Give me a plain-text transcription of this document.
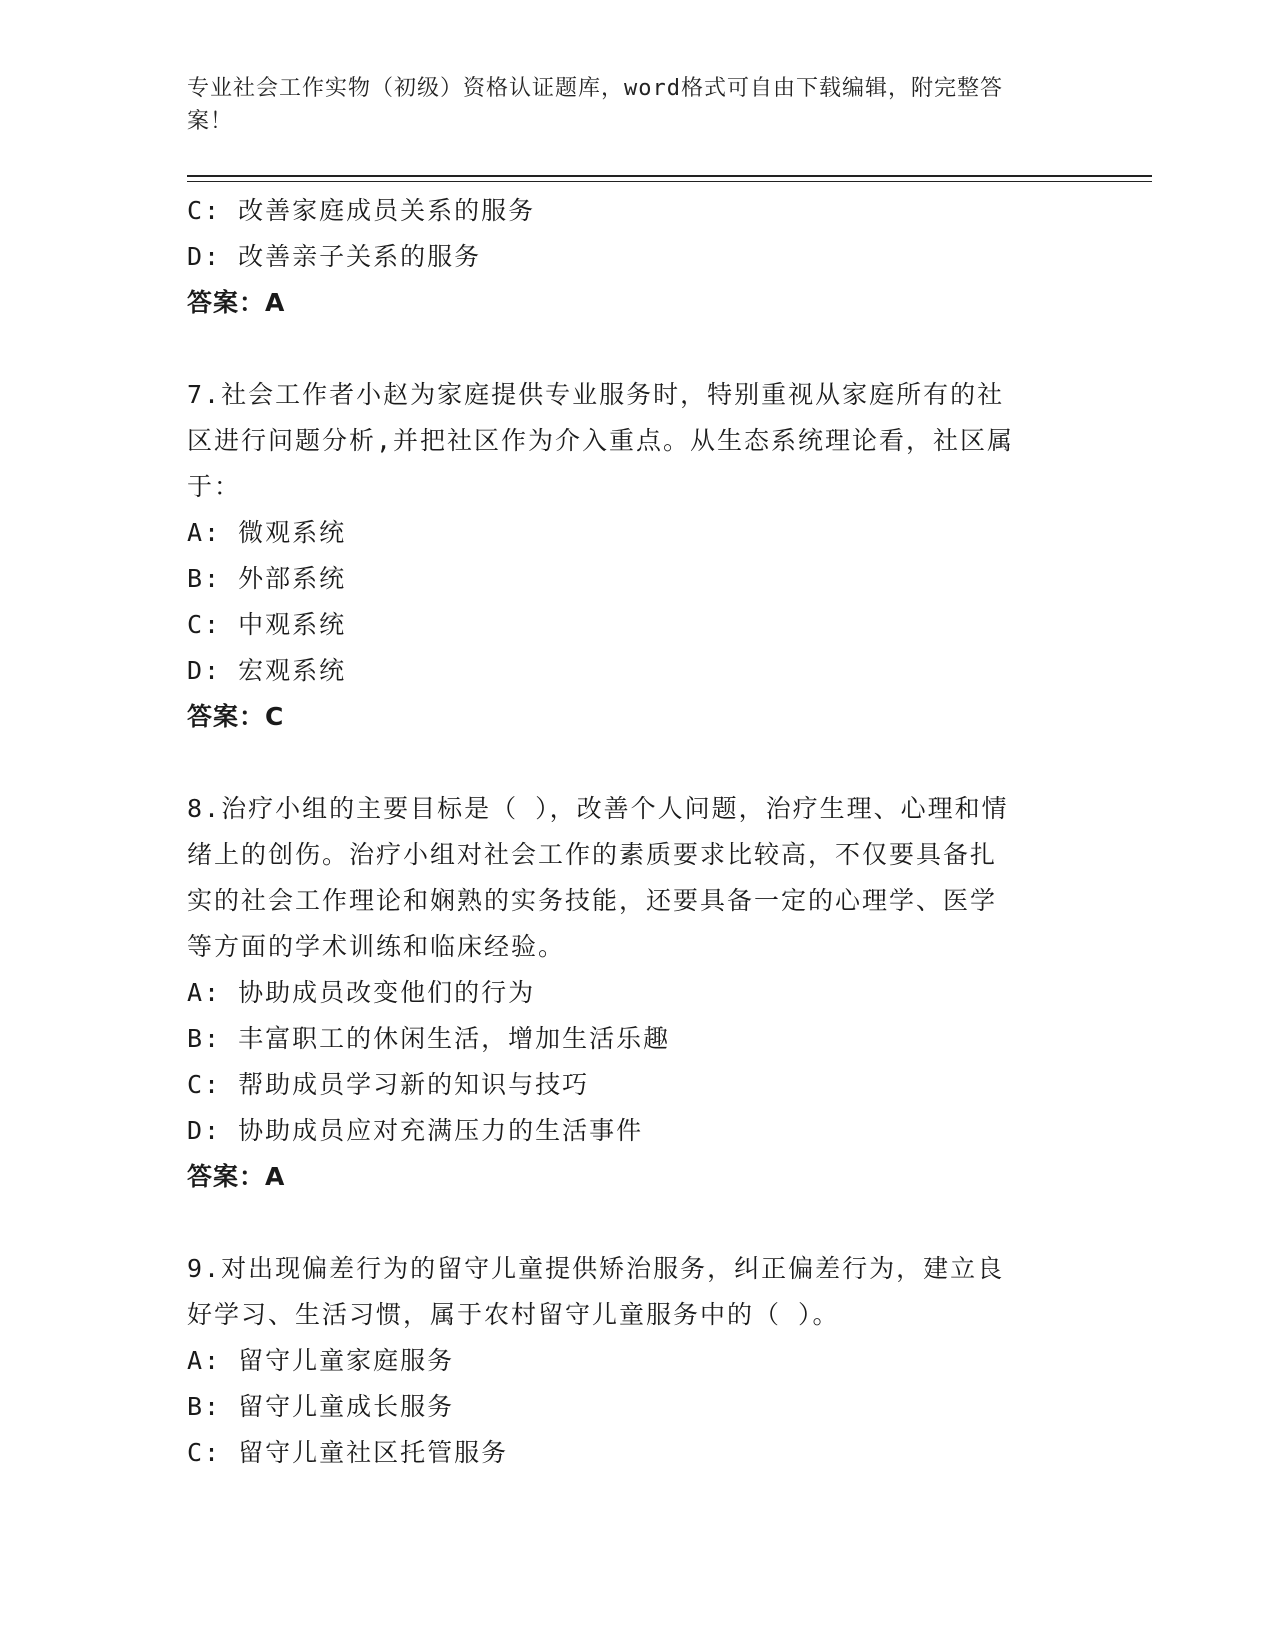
专业社会工作实物（初级）资格认证题库，word格式可自由下载编辑，附完整答
案！
C: 改善家庭成员关系的服务
D: 改善亲子关系的服务
答案：A
7.社会工作者小赵为家庭提供专业服务时，特别重视从家庭所有的社
区进行问题分析,并把社区作为介入重点。从生态系统理论看，社区属
于：
A: 微观系统
B: 外部系统
C: 中观系统
D: 宏观系统
答案：C
8.治疗小组的主要目标是（ ），改善个人问题，治疗生理、心理和情
绪上的创伤。治疗小组对社会工作的素质要求比较高，不仅要具备扎
实的社会工作理论和娴熟的实务技能，还要具备一定的心理学、医学
等方面的学术训练和临床经验。
A: 协助成员改变他们的行为
B: 丰富职工的休闲生活，增加生活乐趣
C: 帮助成员学习新的知识与技巧
D: 协助成员应对充满压力的生活事件
答案：A
9.对出现偏差行为的留守儿童提供矫治服务，纠正偏差行为，建立良
好学习、生活习惯，属于农村留守儿童服务中的（ ）。
A: 留守儿童家庭服务
B: 留守儿童成长服务
C: 留守儿童社区托管服务
